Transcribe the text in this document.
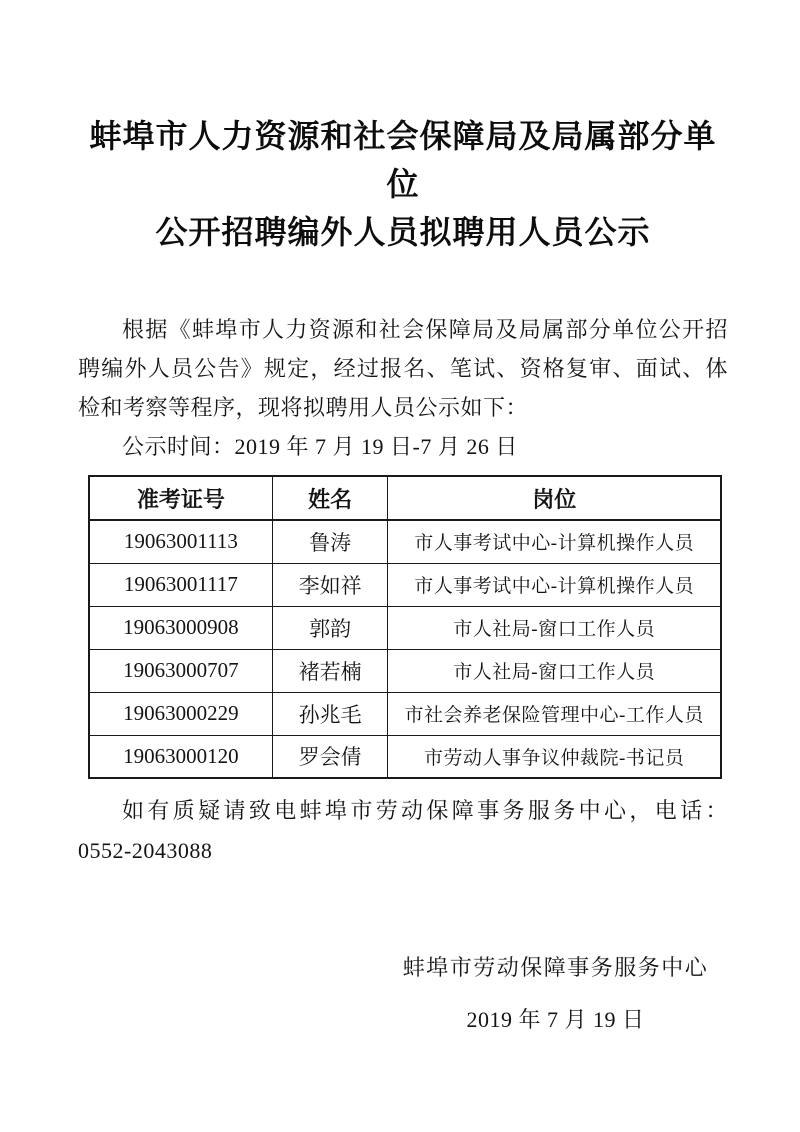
蚌埠市人力资源和社会保障局及局属部分单位
公开招聘编外人员拟聘用人员公示

根据《蚌埠市人力资源和社会保障局及局属部分单位公开招聘编外人员公告》规定，经过报名、笔试、资格复审、面试、体检和考察等程序，现将拟聘用人员公示如下：

公示时间：2019 年 7 月 19 日-7 月 26 日

准考证号	姓名	岗位
19063001113	鲁涛	市人事考试中心-计算机操作人员
19063001117	李如祥	市人事考试中心-计算机操作人员
19063000908	郭韵	市人社局-窗口工作人员
19063000707	褚若楠	市人社局-窗口工作人员
19063000229	孙兆毛	市社会养老保险管理中心-工作人员
19063000120	罗会倩	市劳动人事争议仲裁院-书记员

如有质疑请致电蚌埠市劳动保障事务服务中心，电话：0552-2043088

蚌埠市劳动保障事务服务中心
2019 年 7 月 19 日
